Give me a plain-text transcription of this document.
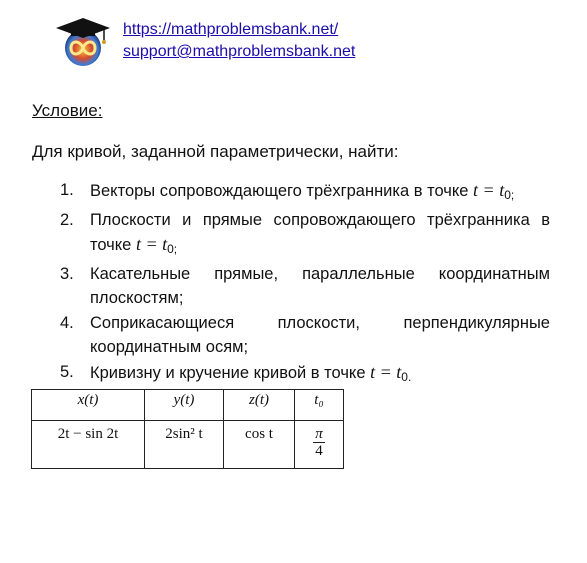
https://mathproblemsbank.net/
support@mathproblemsbank.net
Условие:
Для кривой, заданной параметрически, найти:
1. Векторы сопровождающего трёхгранника в точке $t = t_{0;}$
2. Плоскости и прямые сопровождающего трёхгранника в
точке $t = t_{0;}$
3. Касательные прямые, параллельные координатным
плоскостям;
4. Соприкасающиеся	плоскости,	перпендикулярные
координатным осям;
5. Кривизну и кручение кривой в точке $t = t_{0.}$
x(t)	y(t)	z(t)	t₀
2t − sin 2t	2sin² t	cos t	$\frac{\pi}{4}$
